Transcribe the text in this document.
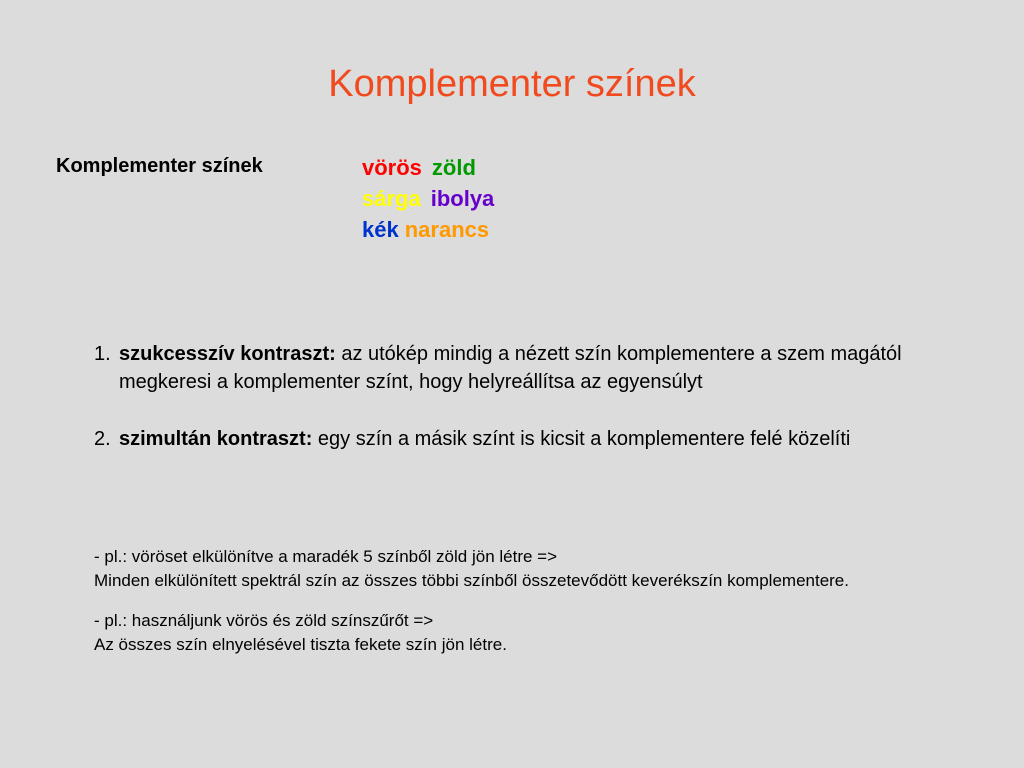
Komplementer színek
Komplementer színek	vörös zöld
sárga ibolya
kék narancs
1. szukcesszív kontraszt: az utókép mindig a nézett szín komplementere a szem magától megkeresi a komplementer színt, hogy helyreállítsa az egyensúlyt
2. szimultán kontraszt: egy szín a másik színt is kicsit a komplementere felé közelíti
- pl.: vöröset elkülönítve a maradék 5 színből zöld jön létre =>
Minden elkülönített spektrál szín az összes többi színből összetevődött keverékszín komplementere.
- pl.: használjunk vörös és zöld színszűrőt =>
Az összes szín elnyelésével tiszta fekete szín jön létre.
